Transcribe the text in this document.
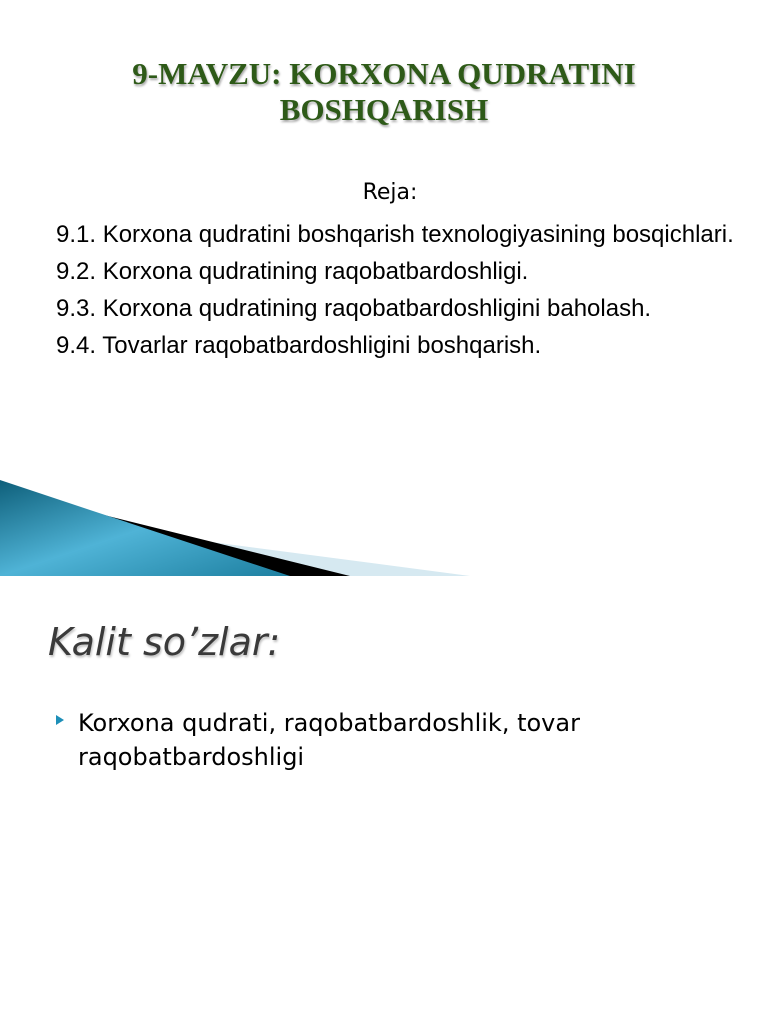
9-MAVZU: KORXONA QUDRATINI
BOSHQARISH
Reja:
9.1. Korxona qudratini boshqarish texnologiyasining bosqichlari.
9.2. Korxona qudratining raqobatbardoshligi.
9.3. Korxona qudratining raqobatbardoshligini baholash.
9.4. Tovarlar raqobatbardoshligini boshqarish.
Kalit so’zlar:
Korxona qudrati, raqobatbardoshlik, tovar raqobatbardoshligi
